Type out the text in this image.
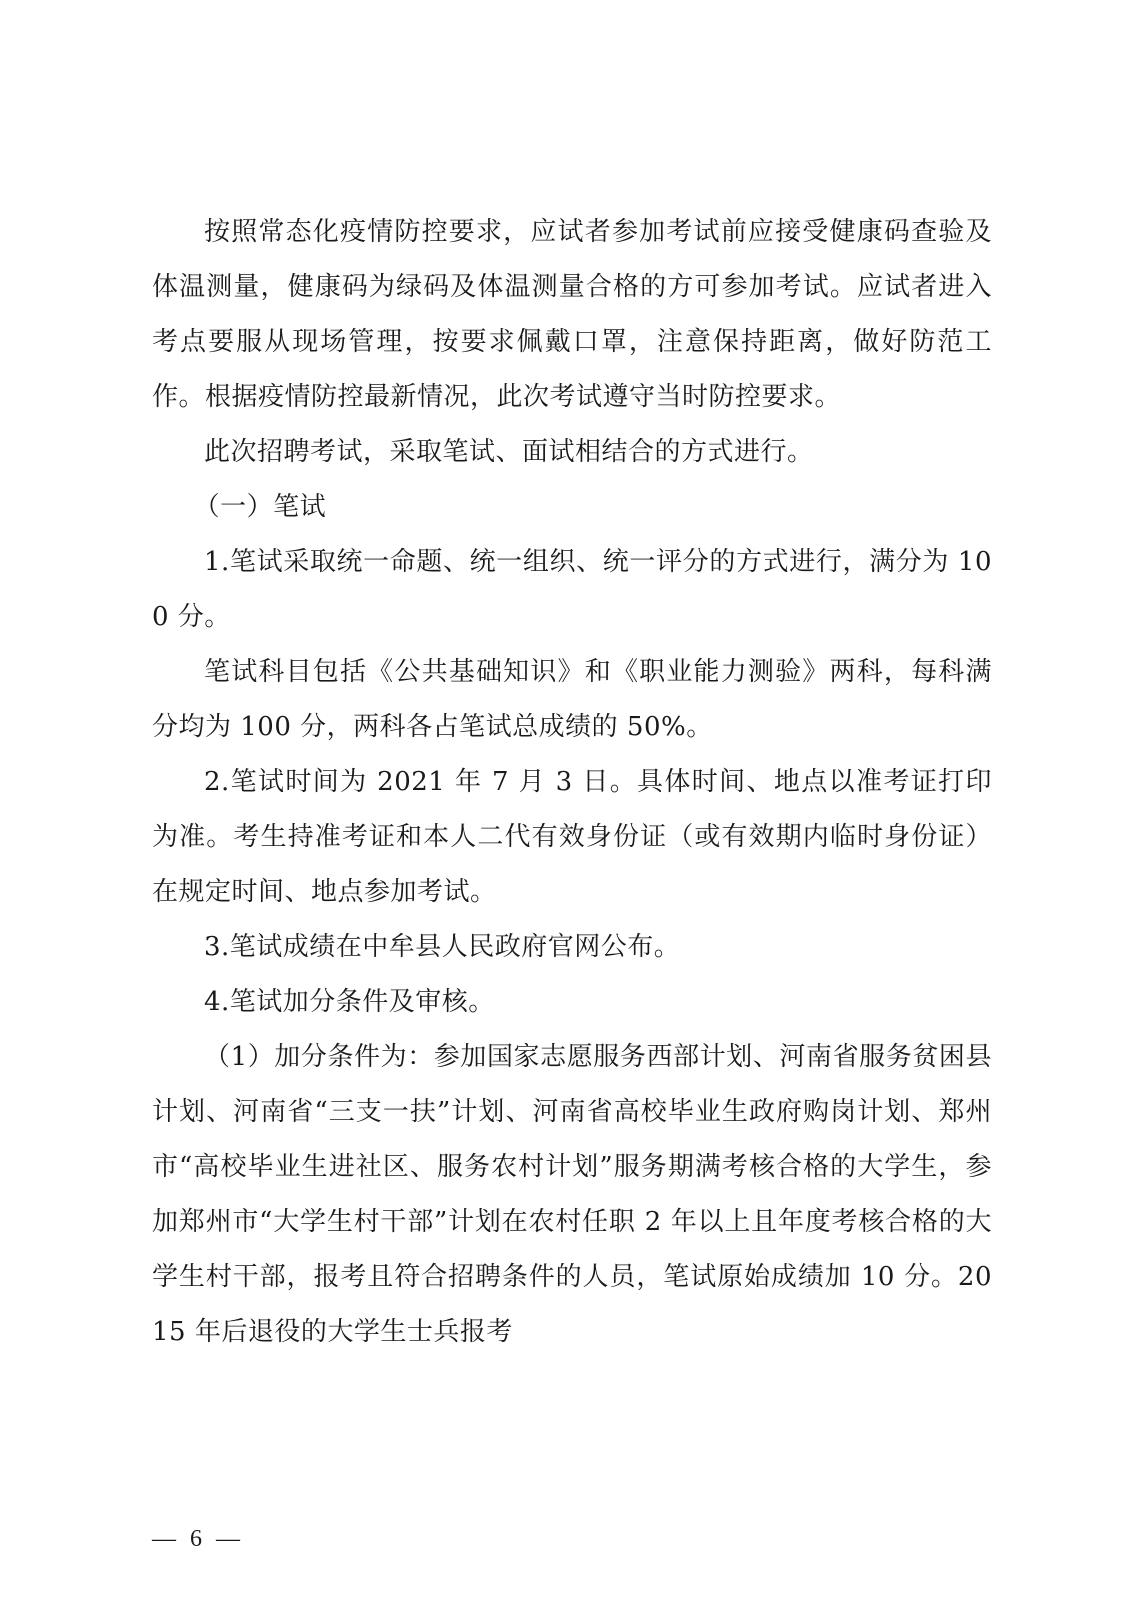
按照常态化疫情防控要求，应试者参加考试前应接受健康码查验及体温测量，健康码为绿码及体温测量合格的方可参加考试。应试者进入考点要服从现场管理，按要求佩戴口罩，注意保持距离，做好防范工作。根据疫情防控最新情况，此次考试遵守当时防控要求。

此次招聘考试，采取笔试、面试相结合的方式进行。

（一）笔试

1.笔试采取统一命题、统一组织、统一评分的方式进行，满分为 100 分。

笔试科目包括《公共基础知识》和《职业能力测验》两科，每科满分均为 100 分，两科各占笔试总成绩的 50%。

2.笔试时间为 2021 年 7 月 3 日。具体时间、地点以准考证打印为准。考生持准考证和本人二代有效身份证（或有效期内临时身份证）在规定时间、地点参加考试。

3.笔试成绩在中牟县人民政府官网公布。

4.笔试加分条件及审核。

（1）加分条件为：参加国家志愿服务西部计划、河南省服务贫困县计划、河南省“三支一扶”计划、河南省高校毕业生政府购岗计划、郑州市“高校毕业生进社区、服务农村计划”服务期满考核合格的大学生，参加郑州市“大学生村干部”计划在农村任职 2 年以上且年度考核合格的大学生村干部，报考且符合招聘条件的人员，笔试原始成绩加 10 分。2015 年后退役的大学生士兵报考

— 6 —
